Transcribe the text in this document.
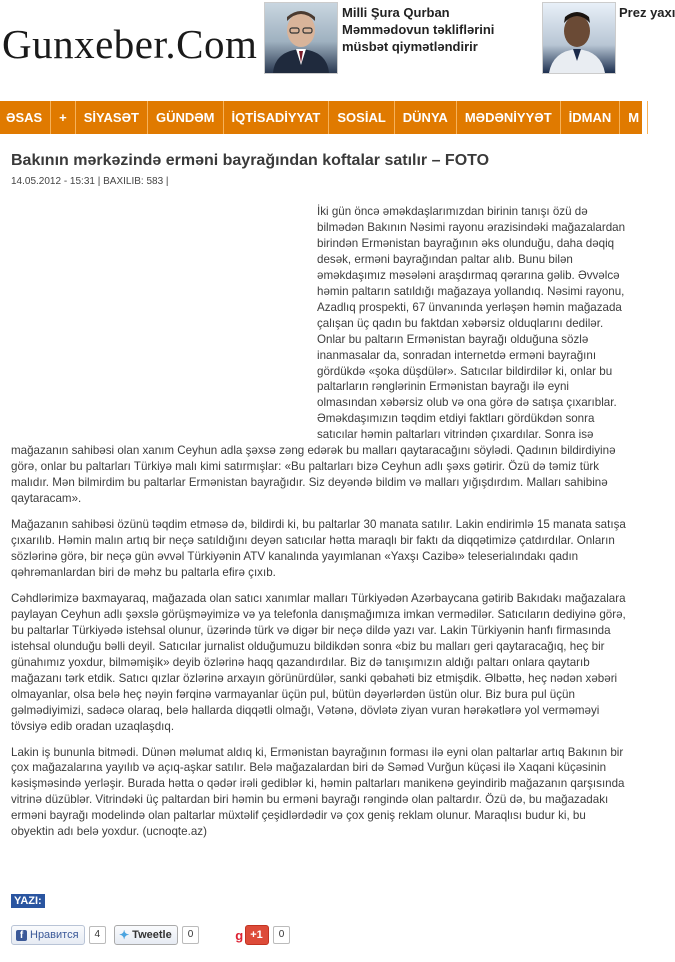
Gunxeber.Com
Milli Şura Qurban Məmmədovun təkliflərini müsbət qiymətləndirir
Prez yaxı
ƏSAS	+	SİYASƏT	GÜNDƏM	İQTİSADİYYAT	SOSİAL	DÜNYA	MƏDƏNİYYƏT	İDMAN	M
Bakının mərkəzində erməni bayrağından koftalar satılır – FOTO
14.05.2012 - 15:31 | BAXILIB: 583 |

İki gün öncə əməkdaşlarımızdan birinin tanışı özü də bilmədən Bakının Nəsimi rayonu ərazisindəki mağazalardan birindən Ermənistan bayrağının əks olunduğu, daha dəqiq desək, erməni bayrağından paltar alıb. Bunu bilən əməkdaşımız məsələni araşdırmaq qərarına gəlib. Əvvəlcə həmin paltarın satıldığı mağazaya yollandıq. Nəsimi rayonu, Azadlıq prospekti, 67 ünvanında yerləşən həmin mağazada çalışan üç qadın bu faktdan xəbərsiz olduqlarını dedilər. Onlar bu paltarın Ermənistan bayrağı olduğuna sözlə inanmasalar da, sonradan internetdə erməni bayrağını gördükdə «şoka düşdülər». Satıcılar bildirdilər ki, onlar bu paltarların rənglərinin Ermənistan bayrağı ilə eyni olmasından xəbərsiz olub və ona görə də satışa çıxarıblar. Əməkdaşımızın təqdim etdiyi faktları gördükdən sonra satıcılar həmin paltarları vitrindən çıxardılar. Sonra isə mağazanın sahibəsi olan xanım Ceyhun adla şəxsə zəng edərək bu malları qaytaracağını söylədi. Qadının bildirdiyinə görə, onlar bu paltarları Türkiyə malı kimi satırmışlar: «Bu paltarları bizə Ceyhun adlı şəxs gətirir. Özü də təmiz türk malıdır. Mən bilmirdim bu paltarlar Ermənistan bayrağıdır. Siz deyəndə bildim və malları yığışdırdım. Malları sahibinə qaytaracam».

Mağazanın sahibəsi özünü təqdim etməsə də, bildirdi ki, bu paltarlar 30 manata satılır. Lakin endirimlə 15 manata satışa çıxarılıb. Həmin malın artıq bir neçə satıldığını deyən satıcılar hətta maraqlı bir faktı da diqqətimizə çatdırdılar. Onların sözlərinə görə, bir neçə gün əvvəl Türkiyənin ATV kanalında yayımlanan «Yaxşı Cazibə» teleserialındakı qadın qəhrəmanlardan biri də məhz bu paltarla efirə çıxıb.

Cəhdlərimizə baxmayaraq, mağazada olan satıcı xanımlar malları Türkiyədən Azərbaycana gətirib Bakıdakı mağazalara paylayan Ceyhun adlı şəxslə görüşməyimizə və ya telefonla danışmağımıza imkan vermədilər. Satıcıların dediyinə görə, bu paltarlar Türkiyədə istehsal olunur, üzərində türk və digər bir neçə dildə yazı var. Lakin Türkiyənin hanfı firmasında istehsal olunduğu bəlli deyil. Satıcılar jurnalist olduğumuzu bildikdən sonra «biz bu malları geri qaytaracağıq, heç bir günahımız yoxdur, bilməmişik» deyib özlərinə haqq qazandırdılar. Biz də tanışımızın aldığı paltarı onlara qaytarıb mağazanı tərk etdik. Satıcı qızlar özlərinə arxayın görünürdülər, sanki qəbahəti biz etmişdik. Əlbəttə, heç nədən xəbəri olmayanlar, olsa belə heç nəyin fərqinə varmayanlar üçün pul, bütün dəyərlərdən üstün olur. Biz bura pul üçün gəlmədiyimizi, sadəcə olaraq, belə hallarda diqqətli olmağı, Vətənə, dövlətə ziyan vuran hərəkətlərə yol verməməyi tövsiyə edib oradan uzaqlaşdıq.

Lakin iş bununla bitmədi. Dünən məlumat aldıq ki, Ermənistan bayrağının forması ilə eyni olan paltarlar artıq Bakının bir çox mağazalarına yayılıb və açıq-aşkar satılır. Belə mağazalardan biri də Səməd Vurğun küçəsi ilə Xaqani küçəsinin kəsişməsində yerləşir. Burada hətta o qədər irəli gediblər ki, həmin paltarları manikenə geyindirib mağazanın qarşısında vitrinə düzüblər. Vitrindəki üç paltardan biri həmin bu erməni bayrağı rəngində olan paltardır. Özü də, bu mağazadakı erməni bayrağı modelində olan paltarlar müxtəlif çeşidlərdədir və çox geniş reklam olunur. Maraqlısı budur ki, bu obyektin adı belə yoxdur. (ucnoqte.az)

YAZI:
f Нравится	4	✦ Tweetle	0	g +1	0
